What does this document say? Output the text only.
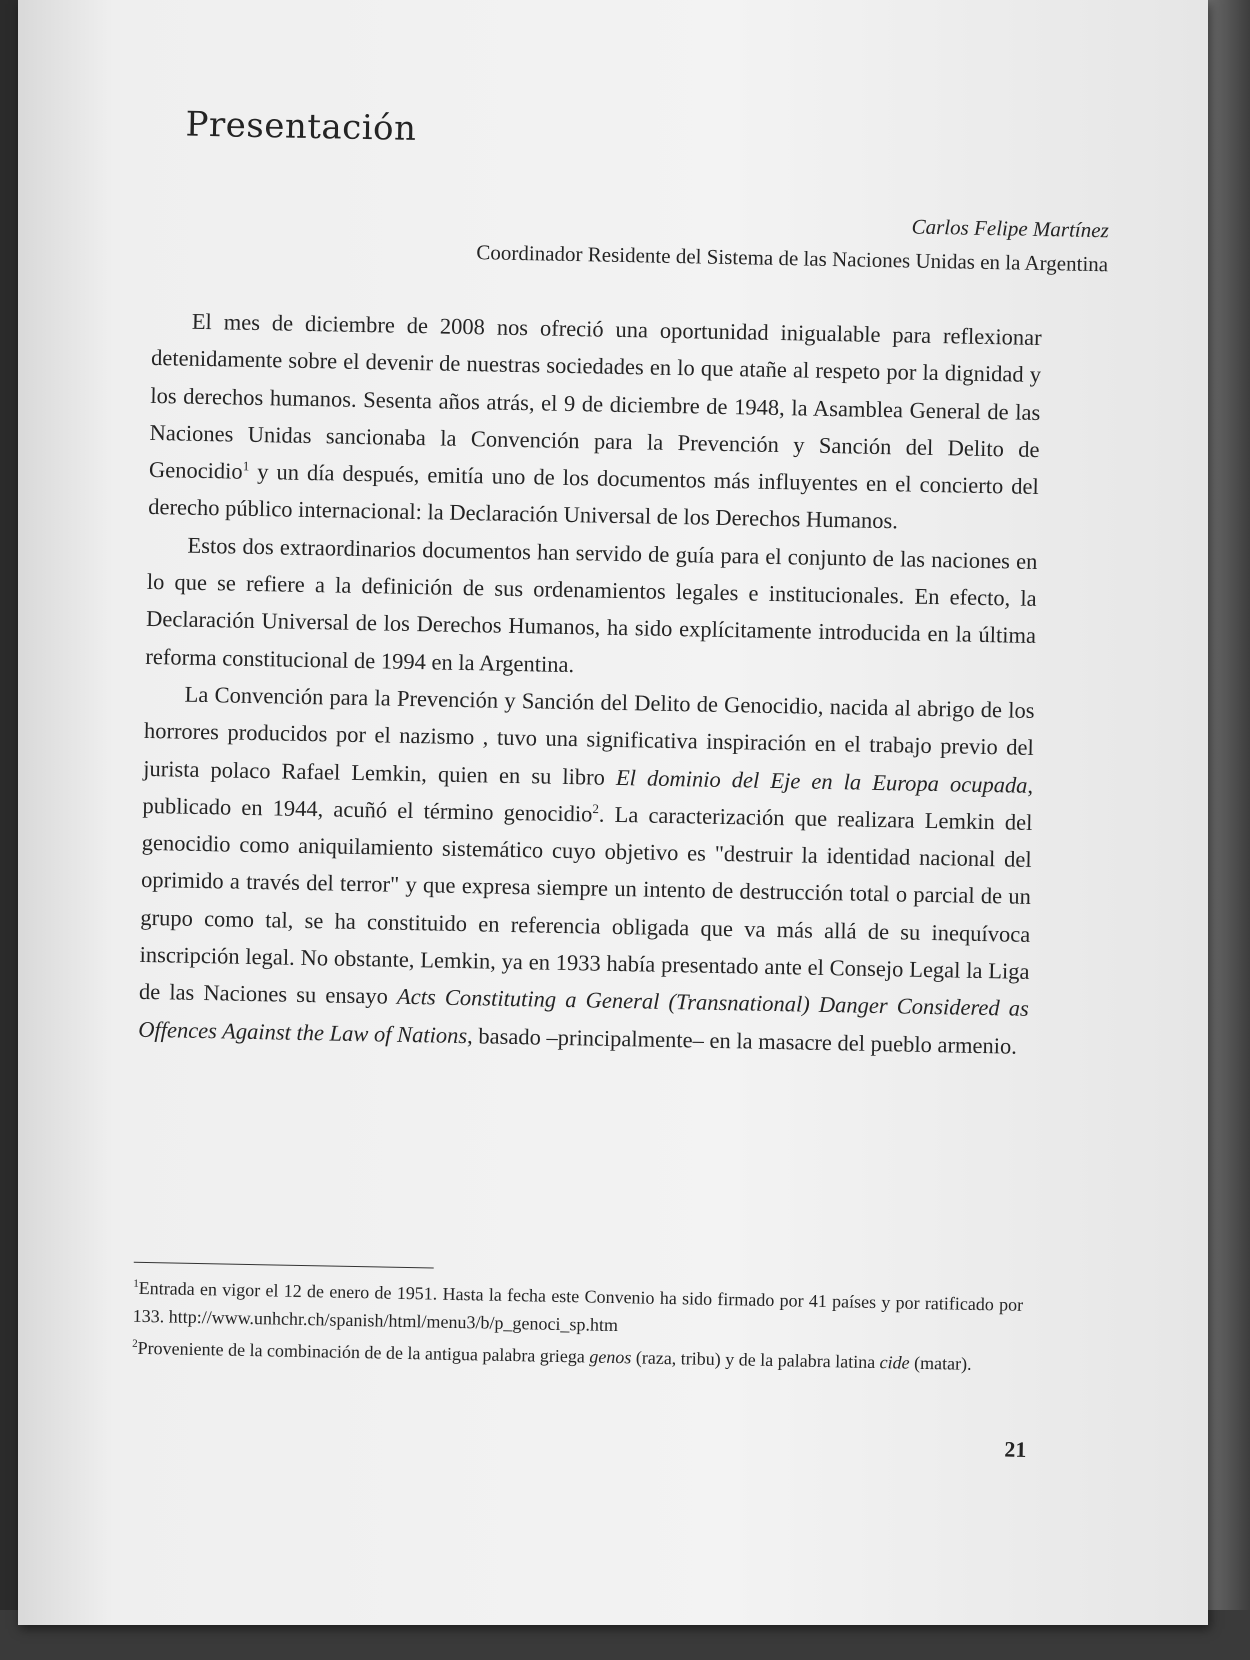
Presentación

Carlos Felipe Martínez

Coordinador Residente del Sistema de las Naciones Unidas en la Argentina

El mes de diciembre de 2008 nos ofreció una oportunidad inigualable para reflexionar detenidamente sobre el devenir de nuestras sociedades en lo que atañe al respeto por la dignidad y los derechos humanos. Sesenta años atrás, el 9 de diciembre de 1948, la Asamblea General de las Naciones Unidas sancionaba la Convención para la Prevención y Sanción del Delito de Genocidio$^1$ y un día después, emitía uno de los documentos más influyentes en el concierto del derecho público internacional: la Declaración Universal de los Derechos Humanos.

Estos dos extraordinarios documentos han servido de guía para el conjunto de las naciones en lo que se refiere a la definición de sus ordenamientos legales e institucionales. En efecto, la Declaración Universal de los Derechos Humanos, ha sido explícitamente introducida en la última reforma constitucional de 1994 en la Argentina.

La Convención para la Prevención y Sanción del Delito de Genocidio, nacida al abrigo de los horrores producidos por el nazismo , tuvo una significativa inspiración en el trabajo previo del jurista polaco Rafael Lemkin, quien en su libro El dominio del Eje en la Europa ocupada, publicado en 1944, acuñó el término genocidio$^2$. La caracterización que realizara Lemkin del genocidio como aniquilamiento sistemático cuyo objetivo es "destruir la identidad nacional del oprimido a través del terror" y que expresa siempre un intento de destrucción total o parcial de un grupo como tal, se ha constituido en referencia obligada que va más allá de su inequívoca inscripción legal. No obstante, Lemkin, ya en 1933 había presentado ante el Consejo Legal la Liga de las Naciones su ensayo Acts Constituting a General (Transnational) Danger Considered as Offences Against the Law of Nations, basado –principalmente– en la masacre del pueblo armenio.

$^1$Entrada en vigor el 12 de enero de 1951. Hasta la fecha este Convenio ha sido firmado por 41 países y por ratificado por 133. http://www.unhchr.ch/spanish/html/menu3/b/p_genoci_sp.htm

$^2$Proveniente de la combinación de de la antigua palabra griega genos (raza, tribu) y de la palabra latina cide (matar).

21
